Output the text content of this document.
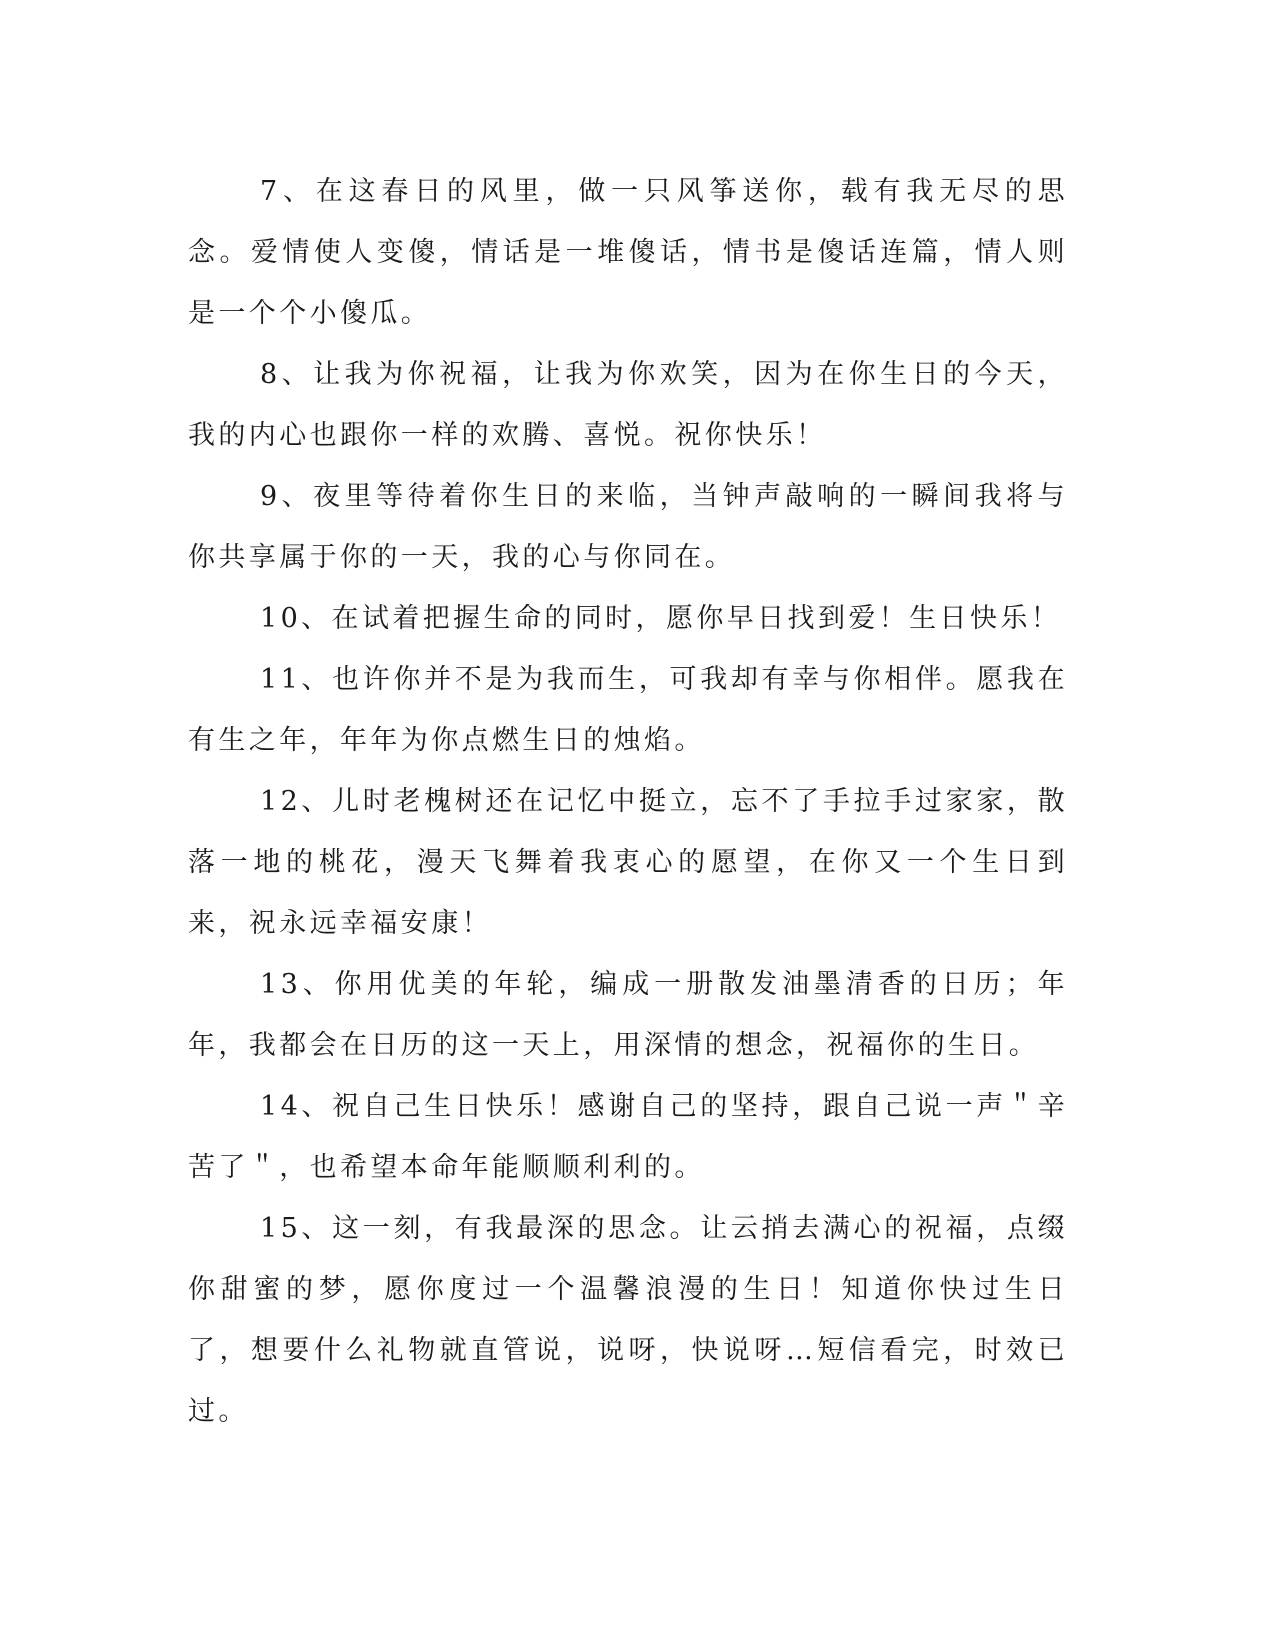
7、在这春日的风里，做一只风筝送你，载有我无尽的思念。爱情使人变傻，情话是一堆傻话，情书是傻话连篇，情人则是一个个小傻瓜。

8、让我为你祝福，让我为你欢笑，因为在你生日的今天，我的内心也跟你一样的欢腾、喜悦。祝你快乐！

9、夜里等待着你生日的来临，当钟声敲响的一瞬间我将与你共享属于你的一天，我的心与你同在。

10、在试着把握生命的同时，愿你早日找到爱！生日快乐！

11、也许你并不是为我而生，可我却有幸与你相伴。愿我在有生之年，年年为你点燃生日的烛焰。

12、儿时老槐树还在记忆中挺立，忘不了手拉手过家家，散落一地的桃花，漫天飞舞着我衷心的愿望，在你又一个生日到来，祝永远幸福安康！

13、你用优美的年轮，编成一册散发油墨清香的日历；年年，我都会在日历的这一天上，用深情的想念，祝福你的生日。

14、祝自己生日快乐！感谢自己的坚持，跟自己说一声＂辛苦了＂，也希望本命年能顺顺利利的。

15、这一刻，有我最深的思念。让云捎去满心的祝福，点缀你甜蜜的梦，愿你度过一个温馨浪漫的生日！知道你快过生日了，想要什么礼物就直管说，说呀，快说呀…短信看完，时效已过。
